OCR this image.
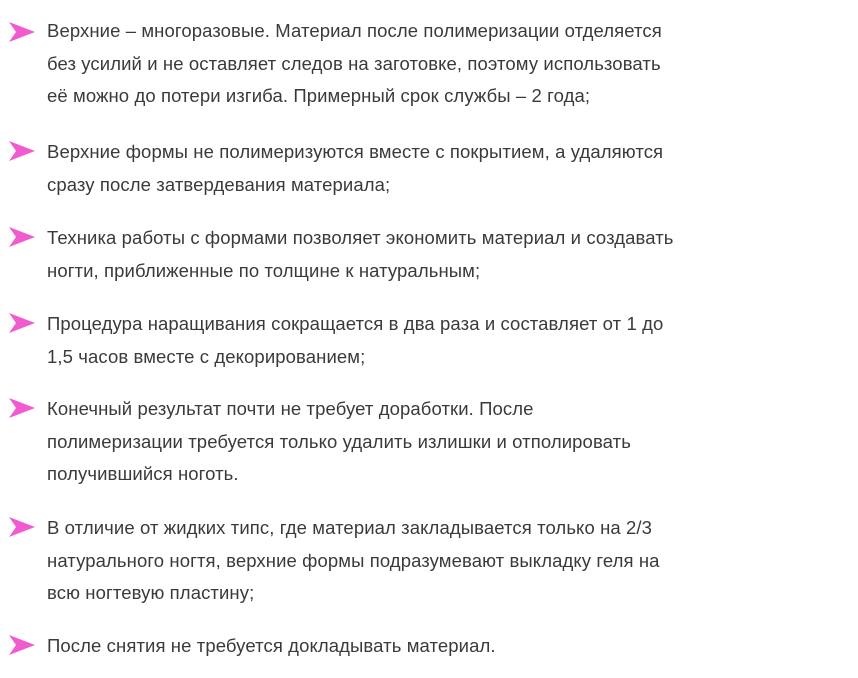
Верхние – многоразовые. Материал после полимеризации отделяется
без усилий и не оставляет следов на заготовке, поэтому использовать
её можно до потери изгиба. Примерный срок службы – 2 года;
Верхние формы не полимеризуются вместе с покрытием, а удаляются
сразу после затвердевания материала;
Техника работы с формами позволяет экономить материал и создавать
ногти, приближенные по толщине к натуральным;
Процедура наращивания сокращается в два раза и составляет от 1 до
1,5 часов вместе с декорированием;
Конечный результат почти не требует доработки. После
полимеризации требуется только удалить излишки и отполировать
получившийся ноготь.
В отличие от жидких типс, где материал закладывается только на 2/3
натурального ногтя, верхние формы подразумевают выкладку геля на
всю ногтевую пластину;
После снятия не требуется докладывать материал.
